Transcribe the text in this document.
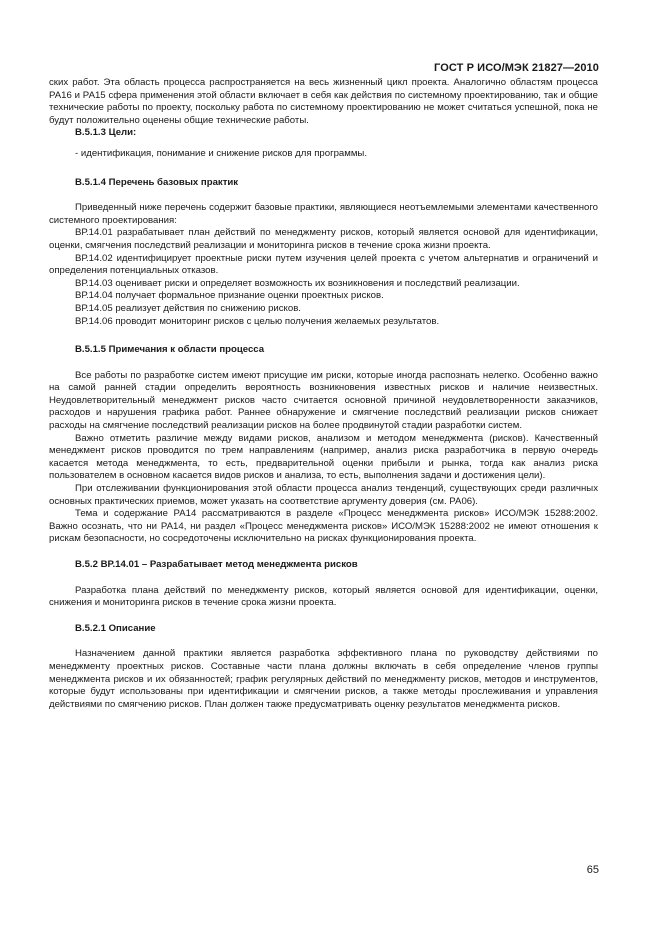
ГОСТ Р ИСО/МЭК 21827—2010

ских работ. Эта область процесса распространяется на весь жизненный цикл проекта. Аналогично областям процесса РА16 и РА15 сфера применения этой области включает в себя как действия по системному проектированию, так и общие технические работы по проекту, поскольку работа по системному проектированию не может считаться успешной, пока не будут положительно оценены общие технические работы.

В.5.1.3 Цели:

- идентификация, понимание и снижение рисков для программы.

В.5.1.4 Перечень базовых практик

Приведенный ниже перечень содержит базовые практики, являющиеся неотъемлемыми элементами качественного системного проектирования:

ВР.14.01 разрабатывает план действий по менеджменту рисков, который является основой для идентификации, оценки, смягчения последствий реализации и мониторинга рисков в течение срока жизни проекта.

ВР.14.02 идентифицирует проектные риски путем изучения целей проекта с учетом альтернатив и ограничений и определения потенциальных отказов.

ВР.14.03 оценивает риски и определяет возможность их возникновения и последствий реализации.

ВР.14.04 получает формальное признание оценки проектных рисков.

ВР.14.05 реализует действия по снижению рисков.

ВР.14.06 проводит мониторинг рисков с целью получения желаемых результатов.

В.5.1.5 Примечания к области процесса

Все работы по разработке систем имеют присущие им риски, которые иногда распознать нелегко. Особенно важно на самой ранней стадии определить вероятность возникновения известных рисков и наличие неизвестных. Неудовлетворительный менеджмент рисков часто считается основной причиной неудовлетворенности заказчиков, расходов и нарушения графика работ. Раннее обнаружение и смягчение последствий реализации рисков снижает расходы на смягчение последствий реализации рисков на более продвинутой стадии разработки систем.

Важно отметить различие между видами рисков, анализом и методом менеджмента (рисков). Качественный менеджмент рисков проводится по трем направлениям (например, анализ риска разработчика в первую очередь касается метода менеджмента, то есть, предварительной оценки прибыли и рынка, тогда как анализ риска пользователем в основном касается видов рисков и анализа, то есть, выполнения задачи и достижения цели).

При отслеживании функционирования этой области процесса анализ тенденций, существующих среди различных основных практических приемов, может указать на соответствие аргументу доверия (см. РА06).

Тема и содержание РА14 рассматриваются в разделе «Процесс менеджмента рисков» ИСО/МЭК 15288:2002. Важно осознать, что ни РА14, ни раздел «Процесс менеджмента рисков» ИСО/МЭК 15288:2002 не имеют отношения к рискам безопасности, но сосредоточены исключительно на рисках функционирования проекта.

В.5.2 ВР.14.01 – Разрабатывает метод менеджмента рисков

Разработка плана действий по менеджменту рисков, который является основой для идентификации, оценки, снижения и мониторинга рисков в течение срока жизни проекта.

В.5.2.1 Описание

Назначением данной практики является разработка эффективного плана по руководству действиями по менеджменту проектных рисков. Составные части плана должны включать в себя определение членов группы менеджмента рисков и их обязанностей; график регулярных действий по менеджменту рисков, методов и инструментов, которые будут использованы при идентификации и смягчении рисков, а также методы прослеживания и управления действиями по смягчению рисков. План должен также предусматривать оценку результатов менеджмента рисков.

65
